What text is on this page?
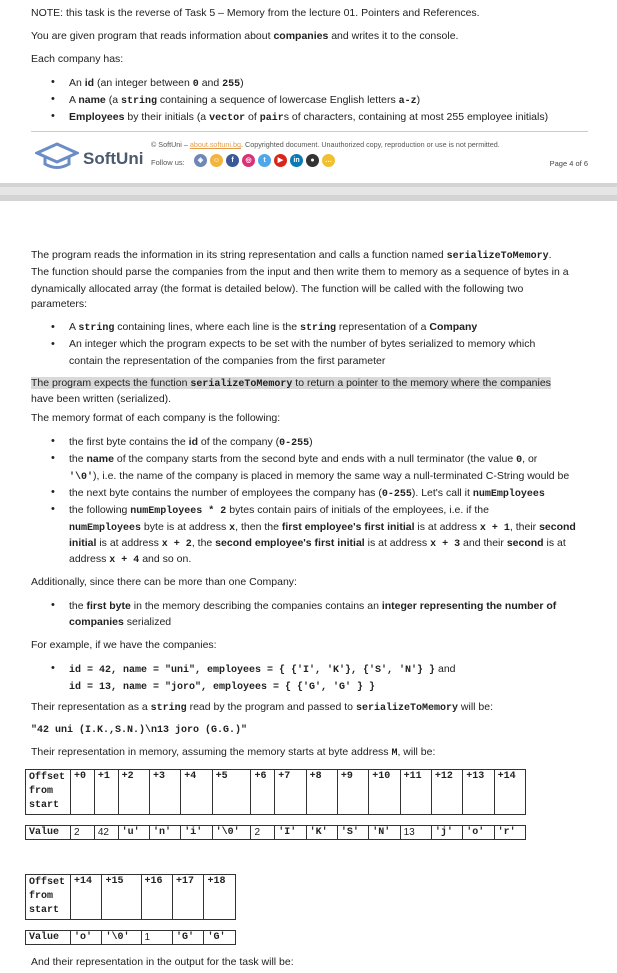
NOTE: this task is the reverse of Task 5 – Memory from the lecture 01. Pointers and References.
You are given program that reads information about companies and writes it to the console.
Each company has:
• An id (an integer between 0 and 255)
• A name (a string containing a sequence of lowercase English letters a-z)
• Employees by their initials (a vector of pairs of characters, containing at most 255 employee initials)
SoftUni
© SoftUni – about.softuni.bg. Copyrighted document. Unauthorized copy, reproduction or use is not permitted.
Follow us:	◈	☺	f	◎	t	▶	in	●	…	Page 4 of 6
The program reads the information in its string representation and calls a function named serializeToMemory.
The function should parse the companies from the input and then write them to memory as a sequence of bytes in a
dynamically allocated array (the format is detailed below). The function will be called with the following two
parameters:
• A string containing lines, where each line is the string representation of a Company
• An integer which the program expects to be set with the number of bytes serialized to memory which
contain the representation of the companies from the first parameter
The program expects the function serializeToMemory to return a pointer to the memory where the companies
have been written (serialized).
The memory format of each company is the following:
• the first byte contains the id of the company (0-255)
• the name of the company starts from the second byte and ends with a null terminator (the value 0, or
'\0'), i.e. the name of the company is placed in memory the same way a null-terminated C-String would be
• the next byte contains the number of employees the company has (0-255). Let's call it numEmployees
• the following numEmployees * 2 bytes contain pairs of initials of the employees, i.e. if the
numEmployees byte is at address x, then the first employee's first initial is at address x + 1, their second
initial is at address x + 2, the second employee's first initial is at address x + 3 and their second is at
address x + 4 and so on.
Additionally, since there can be more than one Company:
• the first byte in the memory describing the companies contains an integer representing the number of
companies serialized
For example, if we have the companies:
• id = 42, name = "uni", employees = { {'I', 'K'}, {'S', 'N'} } and
id = 13, name = "joro", employees = { {'G', 'G' } }
Their representation as a string read by the program and passed to serializeToMemory will be:
"42 uni (I.K.,S.N.)\n13 joro (G.G.)"
Their representation in memory, assuming the memory starts at byte address M, will be:
Offset
from
start	+0	+1	+2	+3	+4	+5	+6	+7	+8	+9	+10	+11	+12	+13	+14

Value	2	42	'u'	'n'	'i'	'\0'	2	'I'	'K'	'S'	'N'	13	'j'	'o'	'r'
Offset
from
start	+14	+15	+16	+17	+18

Value	'o'	'\0'	1	'G'	'G'
And their representation in the output for the task will be:
